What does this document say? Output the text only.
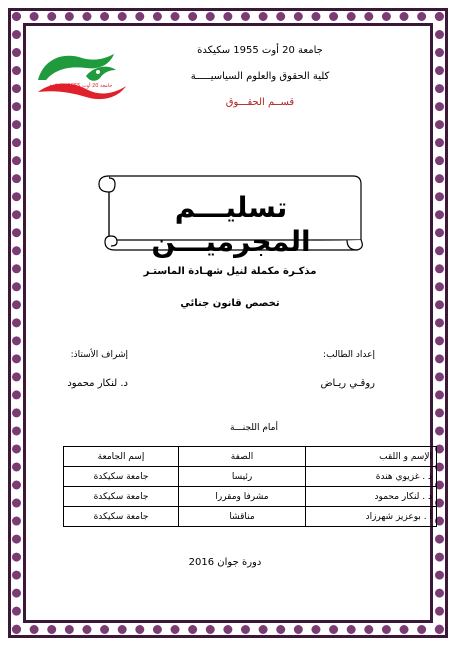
جامعة 20 أوت 1955 سكيكدة
جامعة 20 أوت 1955 سكيكدة
كلية الحقوق والعلوم السياسيـــــة
قســم الحقـــوق
تسليـــم المجرميـــن
مذكـرة مكملة لنيل شهـادة الماستـر
تخصص قانون جنائي
إعداد الطالب:
إشراف الأستاذ:
روقـي ريـاض
د. لنكار محمود
أمام اللجنـــة
الإسم و اللقب	الصفة	إسم الجامعة
د . غزيوي هندة	رئيسا	جامعة سكيكدة
د . لنكار محمود	مشرفا ومقررا	جامعة سكيكدة
أ . بوعزيز شهرزاد	مناقشا	جامعة سكيكدة
دورة جوان 2016
